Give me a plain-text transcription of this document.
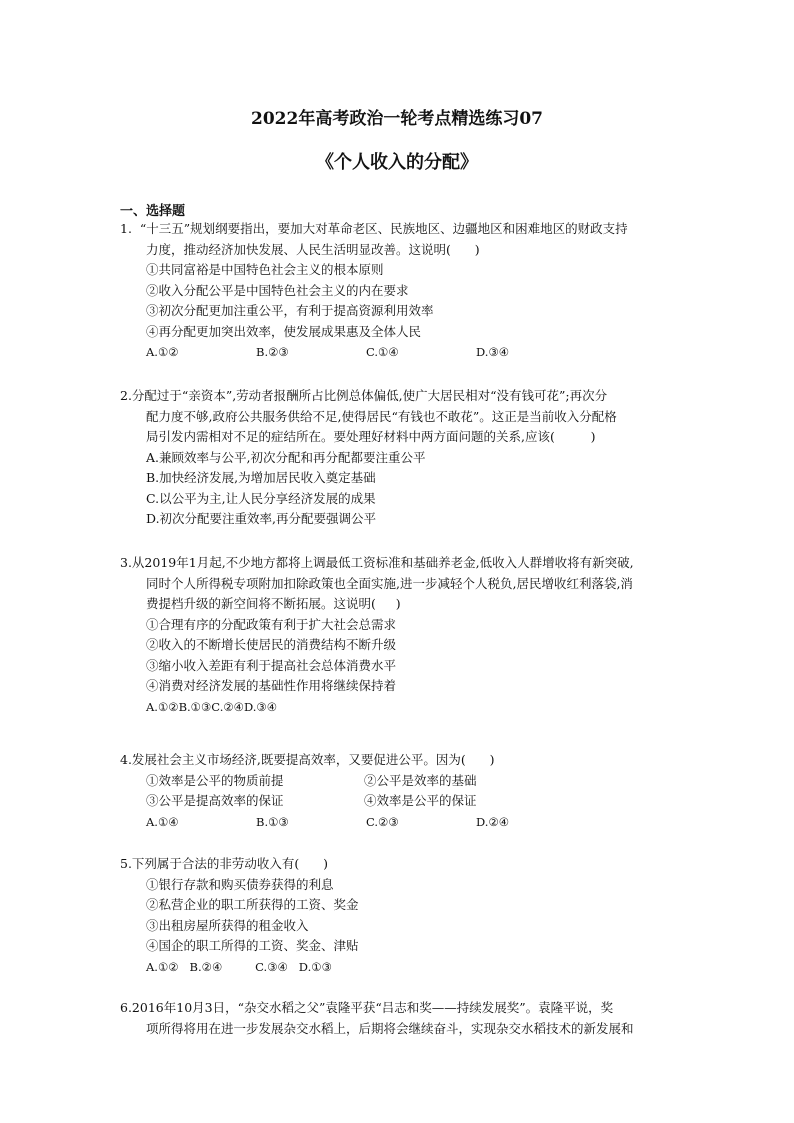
2022年高考政治一轮考点精选练习07
《个人收入的分配》
一、选择题
1.  “十三五”规划纲要指出，要加大对革命老区、民族地区、边疆地区和困难地区的财政支持
力度，推动经济加快发展、人民生活明显改善。这说明(      )
①共同富裕是中国特色社会主义的根本原则
②收入分配公平是中国特色社会主义的内在要求
③初次分配更加注重公平，有利于提高资源利用效率
④再分配更加突出效率，使发展成果惠及全体人民
A.①②	B.②③	C.①④	D.③④
2.分配过于“亲资本”,劳动者报酬所占比例总体偏低,使广大居民相对“没有钱可花”;再次分
配力度不够,政府公共服务供给不足,使得居民“有钱也不敢花”。这正是当前收入分配格
局引发内需相对不足的症结所在。要处理好材料中两方面问题的关系,应该(         )
A.兼顾效率与公平,初次分配和再分配都要注重公平
B.加快经济发展,为增加居民收入奠定基础
C.以公平为主,让人民分享经济发展的成果
D.初次分配要注重效率,再分配要强调公平
3.从2019年1月起,不少地方都将上调最低工资标准和基础养老金,低收入人群增收将有新突破,
同时个人所得税专项附加扣除政策也全面实施,进一步减轻个人税负,居民增收红利落袋,消
费提档升级的新空间将不断拓展。这说明(     )
①合理有序的分配政策有利于扩大社会总需求
②收入的不断增长使居民的消费结构不断升级
③缩小收入差距有利于提高社会总体消费水平
④消费对经济发展的基础性作用将继续保持着
A.①②B.①③C.②④D.③④
4.发展社会主义市场经济,既要提高效率，又要促进公平。因为(      )
①效率是公平的物质前提	②公平是效率的基础
③公平是提高效率的保证	④效率是公平的保证
A.①④	B.①③	C.②③	D.②④
5.下列属于合法的非劳动收入有(      )
①银行存款和购买债券获得的利息
②私营企业的职工所获得的工资、奖金
③出租房屋所获得的租金收入
④国企的职工所得的工资、奖金、津贴
A.①②   B.②④         C.③④   D.①③
6.2016年10月3日，“杂交水稻之父”袁隆平获“吕志和奖——持续发展奖”。袁隆平说，奖
项所得将用在进一步发展杂交水稻上，后期将会继续奋斗，实现杂交水稻技术的新发展和
